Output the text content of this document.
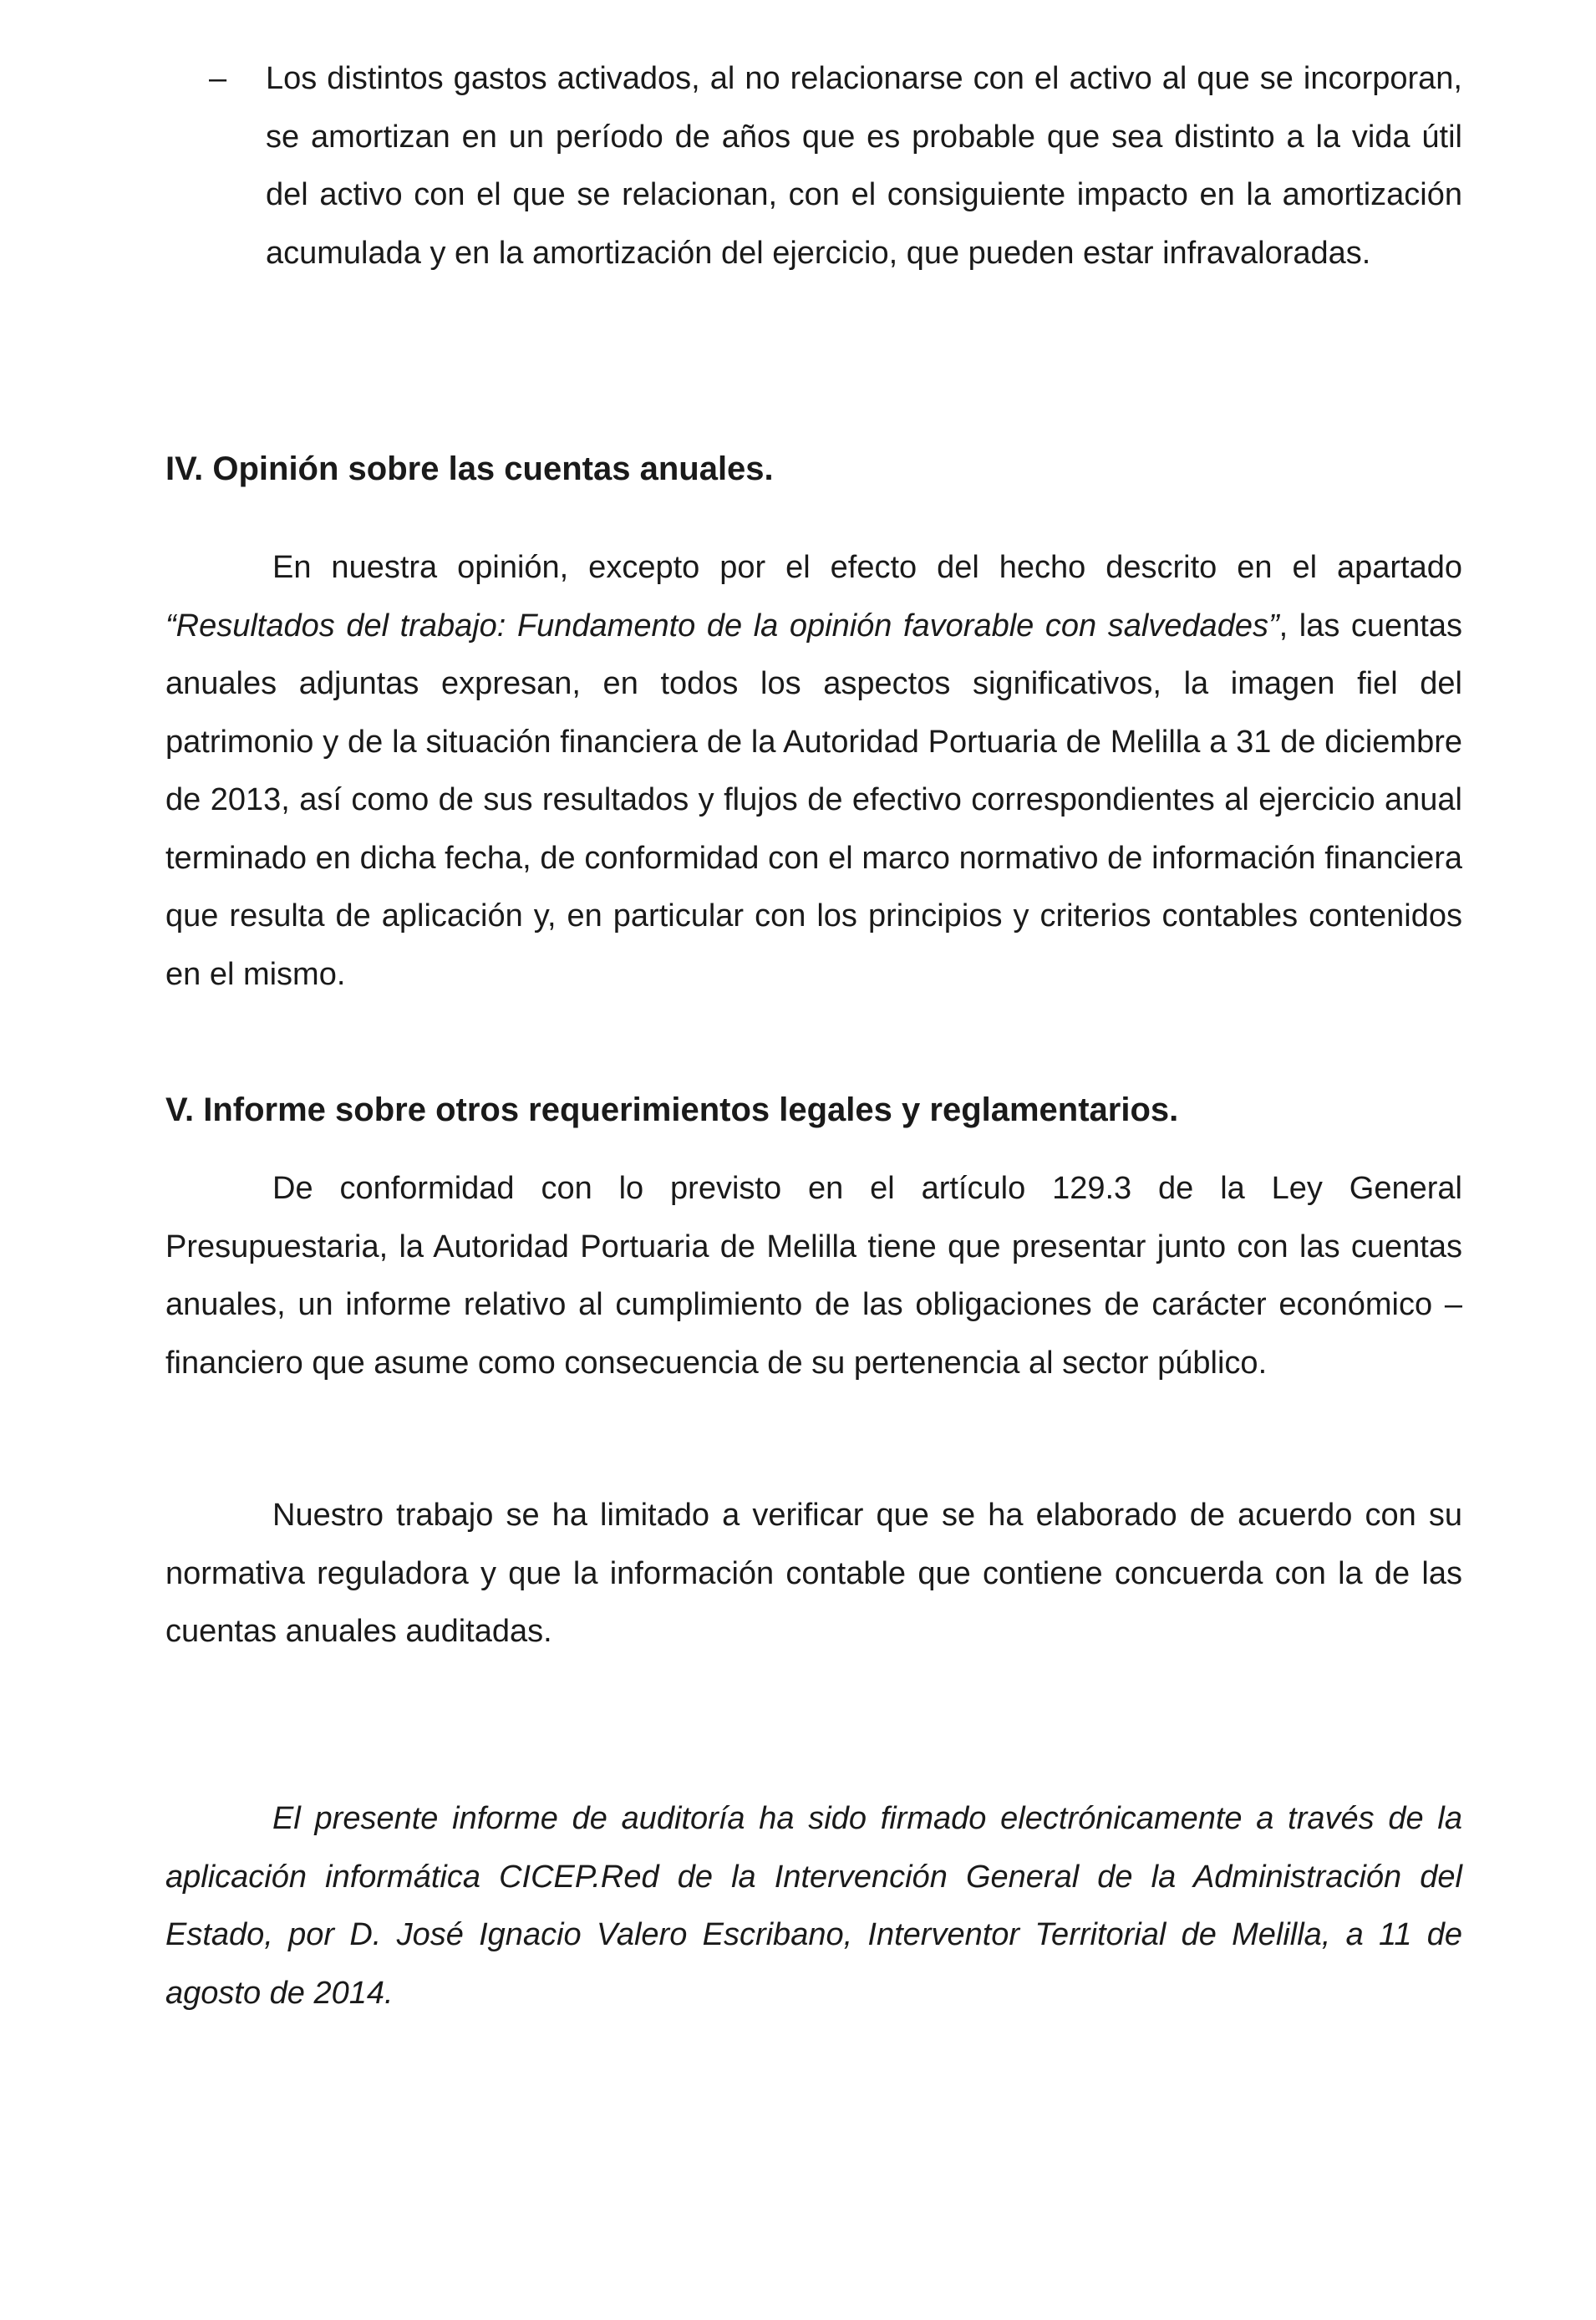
–	Los distintos gastos activados, al no relacionarse con el activo al que se incorporan, se amortizan en un período de años que es probable que sea distinto a la vida útil del activo con el que se relacionan, con el consiguiente impacto en la amortización acumulada y en la amortización del ejercicio, que pueden estar infravaloradas.
IV. Opinión sobre las cuentas anuales.

En nuestra opinión, excepto por el efecto del hecho descrito en el apartado “Resultados del trabajo: Fundamento de la opinión favorable con salvedades”, las cuentas anuales adjuntas expresan, en todos los aspectos significativos, la imagen fiel del patrimonio y de la situación financiera de la Autoridad Portuaria de Melilla a 31 de diciembre de 2013, así como de sus resultados y flujos de efectivo correspondientes al ejercicio anual terminado en dicha fecha, de conformidad con el marco normativo de información financiera que resulta de aplicación y, en particular con los principios y criterios contables contenidos en el mismo.

V. Informe sobre otros requerimientos legales y reglamentarios.

De conformidad con lo previsto en el artículo 129.3 de la Ley General Presupuestaria, la Autoridad Portuaria de Melilla tiene que presentar junto con las cuentas anuales, un informe relativo al cumplimiento de las obligaciones de carácter económico – financiero que asume como consecuencia de su pertenencia al sector público.

Nuestro trabajo se ha limitado a verificar que se ha elaborado de acuerdo con su normativa reguladora y que la información contable que contiene concuerda con la de las cuentas anuales auditadas.

El presente informe de auditoría ha sido firmado electrónicamente a través de la aplicación informática CICEP.Red de la Intervención General de la Administración del Estado, por D. José Ignacio Valero Escribano, Interventor Territorial de Melilla, a 11 de agosto de 2014.
